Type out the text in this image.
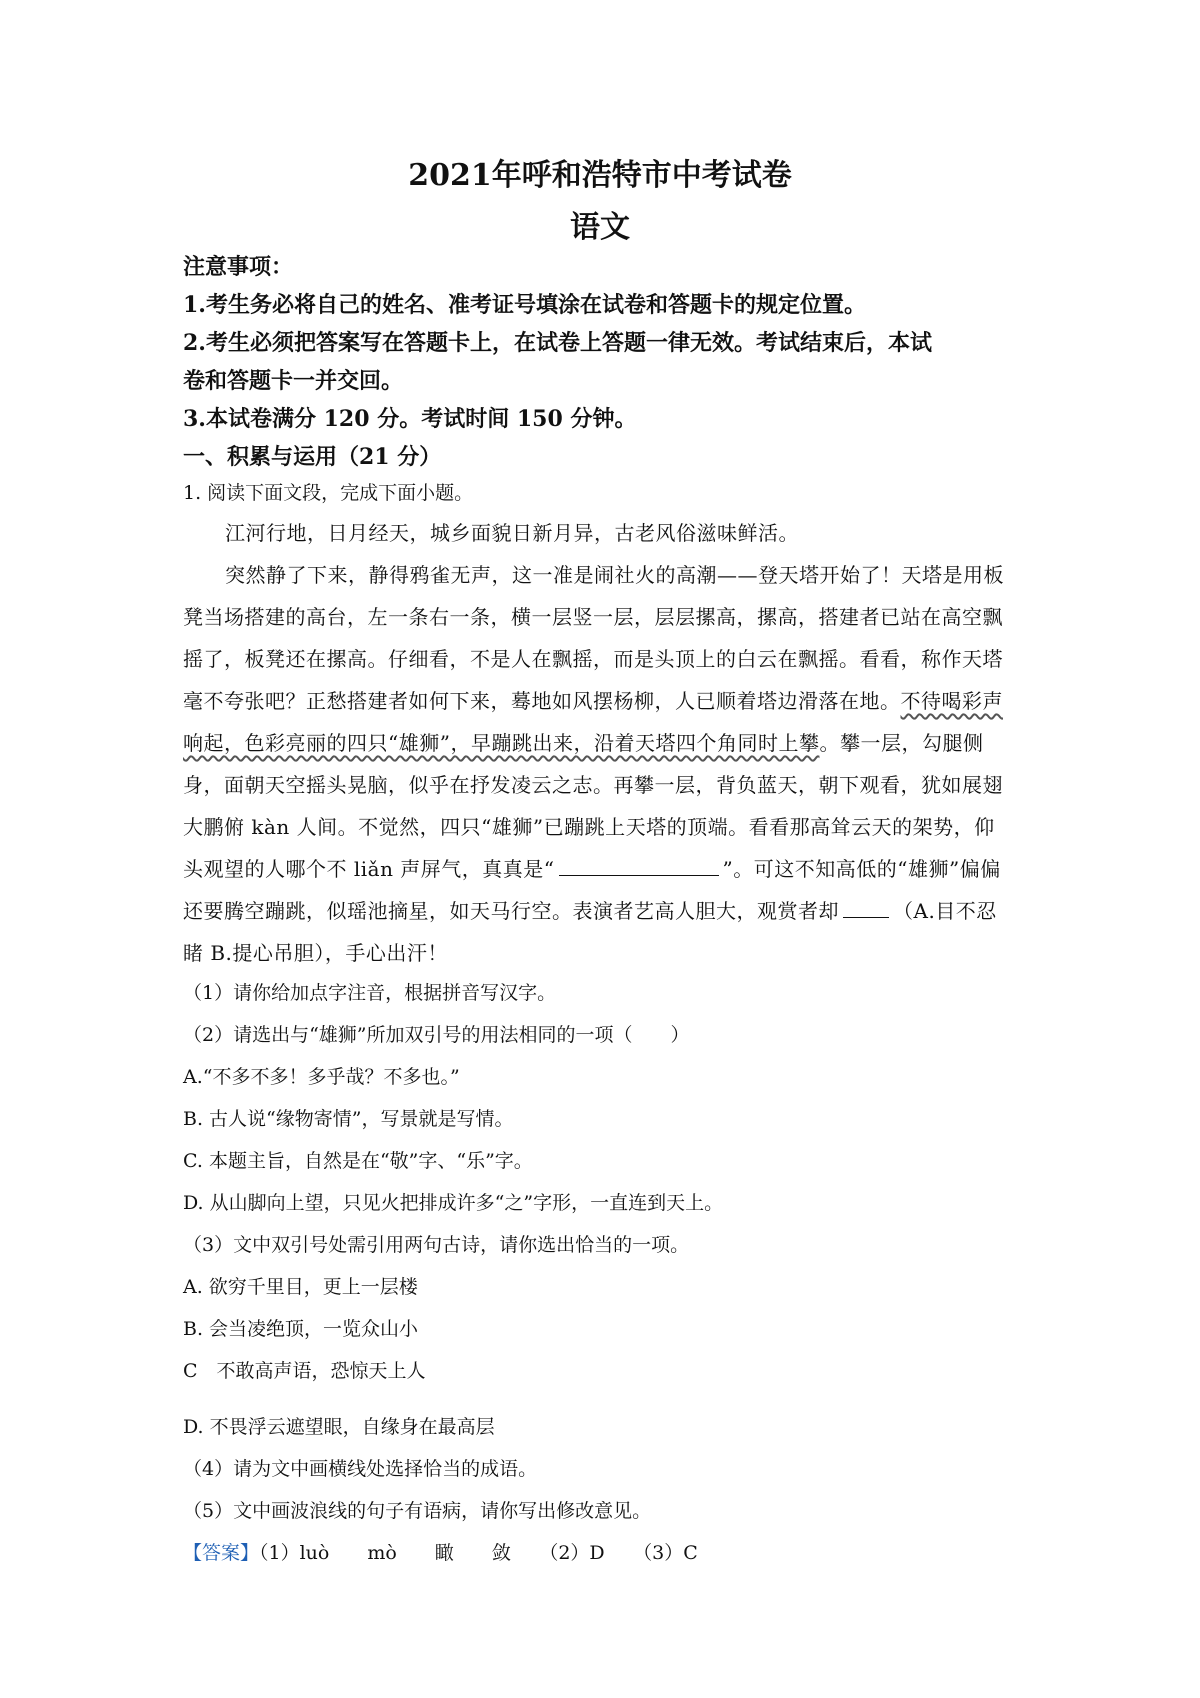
2021年呼和浩特市中考试卷
语文
注意事项：
1.考生务必将自己的姓名、准考证号填涂在试卷和答题卡的规定位置。
2.考生必须把答案写在答题卡上，在试卷上答题一律无效。考试结束后，本试
卷和答题卡一并交回。
3.本试卷满分 120 分。考试时间 150 分钟。
一、积累与运用（21 分）
1. 阅读下面文段，完成下面小题。
江河行地，日月经天，城乡面貌日新月异，古老风俗滋味鲜活。
突然静了下来，静得鸦雀无声，这一准是闹社火的高潮——登天塔开始了！天塔是用板
凳当场搭建的高台，左一条右一条，横一层竖一层，层层摞高，摞高，搭建者已站在高空飘
摇了，板凳还在摞高。仔细看，不是人在飘摇，而是头顶上的白云在飘摇。看看，称作天塔
毫不夸张吧？正愁搭建者如何下来，蓦地如风摆杨柳，人已顺着塔边滑落在地。不待喝彩声
响起，色彩亮丽的四只“雄狮”，早蹦跳出来，沿着天塔四个角同时上攀。攀一层，勾腿侧
身，面朝天空摇头晃脑，似乎在抒发凌云之志。再攀一层，背负蓝天，朝下观看，犹如展翅
大鹏俯 kàn 人间。不觉然，四只“雄狮”已蹦跳上天塔的顶端。看看那高耸云天的架势，仰
头观望的人哪个不 liǎn 声屏气，真真是“	”。可这不知高低的“雄狮”偏偏
还要腾空蹦跳，似瑶池摘星，如天马行空。表演者艺高人胆大，观赏者却	（A.目不忍
睹 B.提心吊胆），手心出汗！
（1）请你给加点字注音，根据拼音写汉字。
（2）请选出与“雄狮”所加双引号的用法相同的一项（　　）
A.“不多不多！多乎哉？不多也。”
B. 古人说“缘物寄情”，写景就是写情。
C. 本题主旨，自然是在“敬”字、“乐”字。
D. 从山脚向上望，只见火把排成许多“之”字形，一直连到天上。
（3）文中双引号处需引用两句古诗，请你选出恰当的一项。
A. 欲穷千里目，更上一层楼
B. 会当凌绝顶，一览众山小
C　不敢高声语，恐惊天上人
D. 不畏浮云遮望眼，自缘身在最高层
（4）请为文中画横线处选择恰当的成语。
（5）文中画波浪线的句子有语病，请你写出修改意见。
【答案】（1）luò　　mò　　瞰　　敛　　（2）D　　（3）C
